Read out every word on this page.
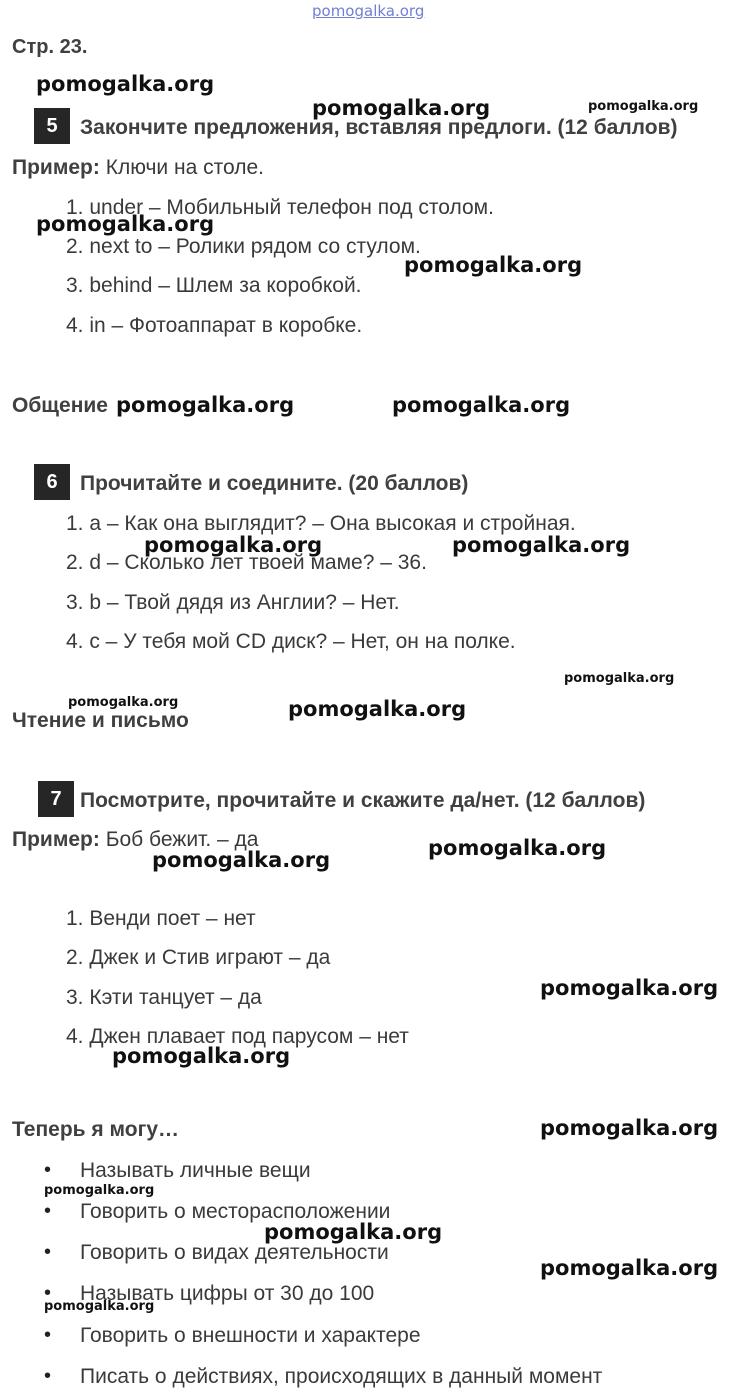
pomogalka.org
Стр. 23.
5 Закончите предложения, вставляя предлоги. (12 баллов)
Пример: Ключи на столе.
1. under – Мобильный телефон под столом.
2. next to – Ролики рядом со стулом.
3. behind – Шлем за коробкой.
4. in – Фотоаппарат в коробке.
Общение
6 Прочитайте и соедините. (20 баллов)
1. a – Как она выглядит? – Она высокая и стройная.
2. d – Сколько лет твоей маме? – 36.
3. b – Твой дядя из Англии? – Нет.
4. c – У тебя мой CD диск? – Нет, он на полке.
Чтение и письмо
7 Посмотрите, прочитайте и скажите да/нет. (12 баллов)
Пример: Боб бежит. – да
1. Венди поет – нет
2. Джек и Стив играют – да
3. Кэти танцует – да
4. Джен плавает под парусом – нет
Теперь я могу…
• Называть личные вещи
• Говорить о месторасположении
• Говорить о видах деятельности
• Называть цифры от 30 до 100
• Говорить о внешности и характере
• Писать о действиях, происходящих в данный момент
pomogalka.org
pomogalka.org	pomogalka.org
pomogalka.org
pomogalka.org
pomogalka.org	pomogalka.org
pomogalka.org	pomogalka.org
pomogalka.org
pomogalka.org	pomogalka.org
pomogalka.org
pomogalka.org
pomogalka.org
pomogalka.org
pomogalka.org
pomogalka.org
pomogalka.org
pomogalka.org
pomogalka.org
